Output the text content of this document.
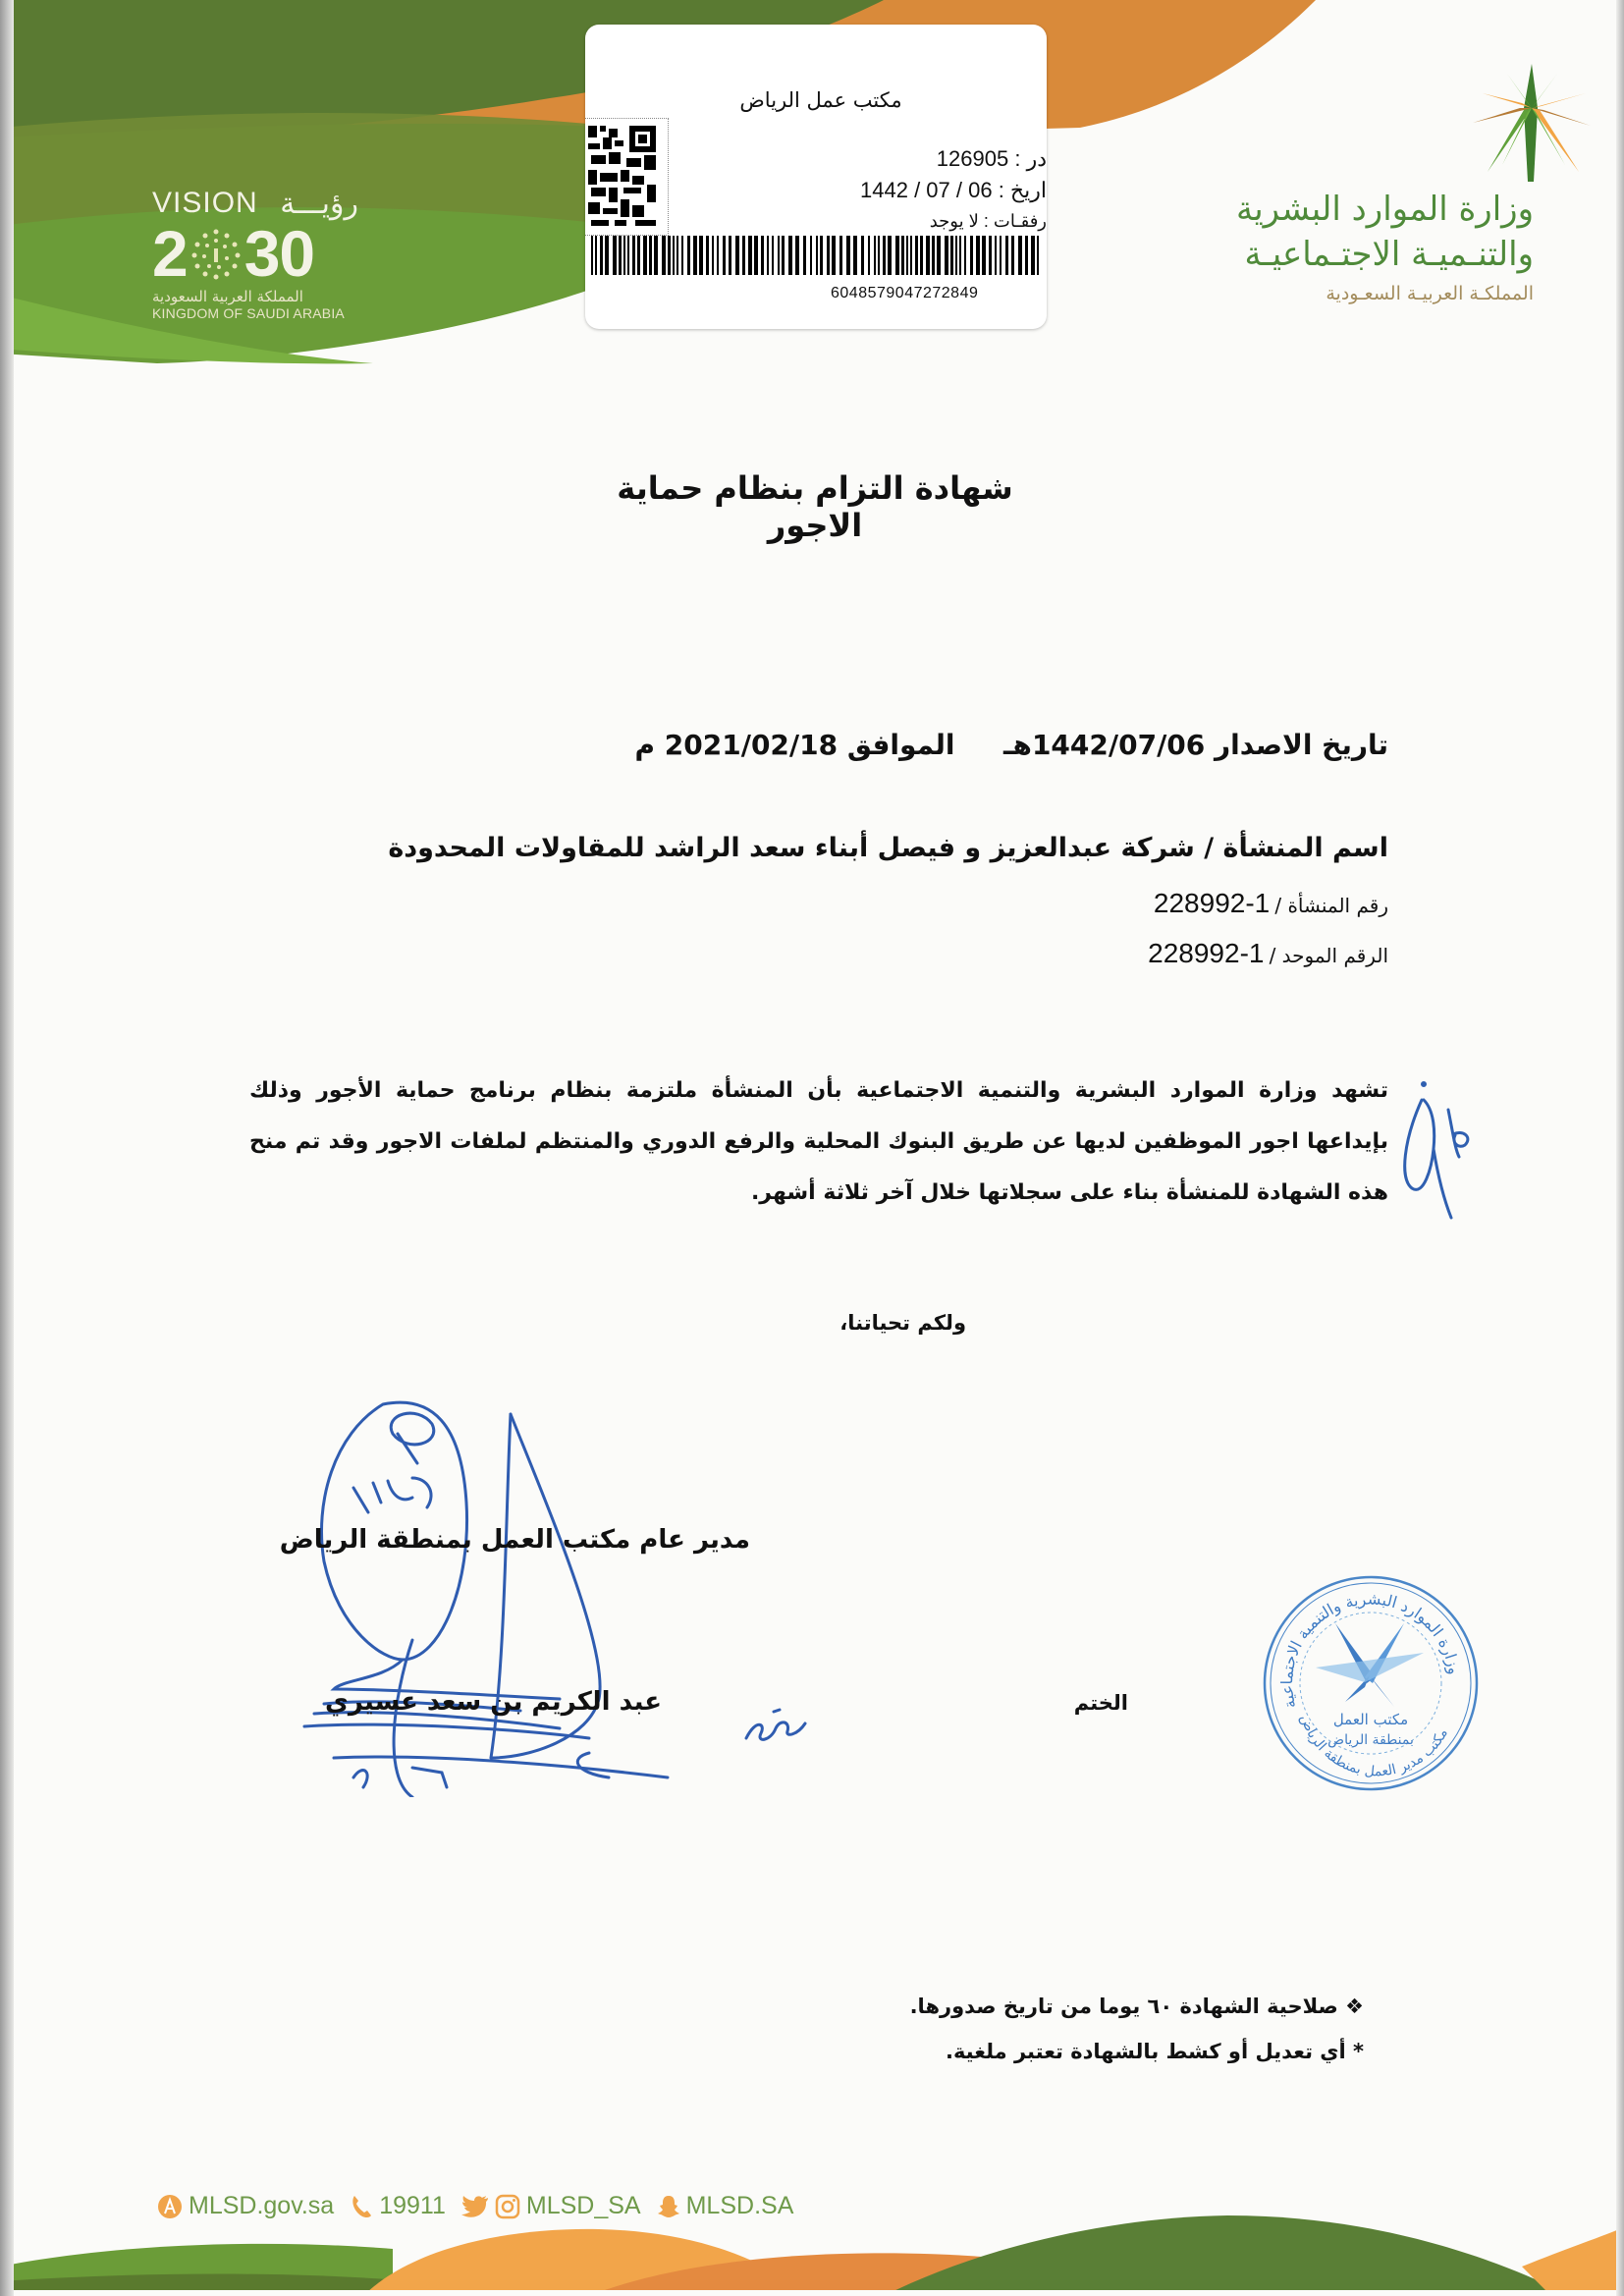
VISION رؤيـــة
2 30
المملكة العربية السعودية
KINGDOM OF SAUDI ARABIA
مكتب عمل الرياض
در : 126905
اريخ : 1442 / 07 / 06
رفقـات : لا يوجد
6048579047272849
وزارة الموارد البشرية
والتنـميـة الاجتـماعيـة
المملكـة العربيـة السعـودية
شهادة التزام بنظام حماية الاجور
تاريخ الاصدار 1442/07/06هـ  الموافق 2021/02/18 م
اسم المنشأة / شركة عبدالعزيز و فيصل أبناء سعد الراشد للمقاولات المحدودة
رقم المنشأة / 228992-1
الرقم الموحد / 228992-1
تشهد وزارة الموارد البشرية والتنمية الاجتماعية بأن المنشأة ملتزمة بنظام برنامج حماية الأجور وذلك بإيداعها اجور الموظفين لديها عن طريق البنوك المحلية والرفع الدوري والمنتظم لملفات الاجور وقد تم منح هذه الشهادة للمنشأة بناء على سجلاتها خلال آخر ثلاثة أشهر.
ولكم تحياتنا،
مدير عام مكتب العمل بمنطقة الرياض
عبد الكريم بن سعد عسيري	الختم	وزارة الموارد البشرية والتنمية الاجتماعية
مكتب مدير العمل بمنطقة الرياض
مكتب العمل
بمنطقة الرياض
❖ صلاحية الشهادة ٦٠ يوما من تاريخ صدورها.
* أي تعديل أو كشط بالشهادة تعتبر ملغية.
MLSD.gov.sa 19911	MLSD_SA MLSD.SA
